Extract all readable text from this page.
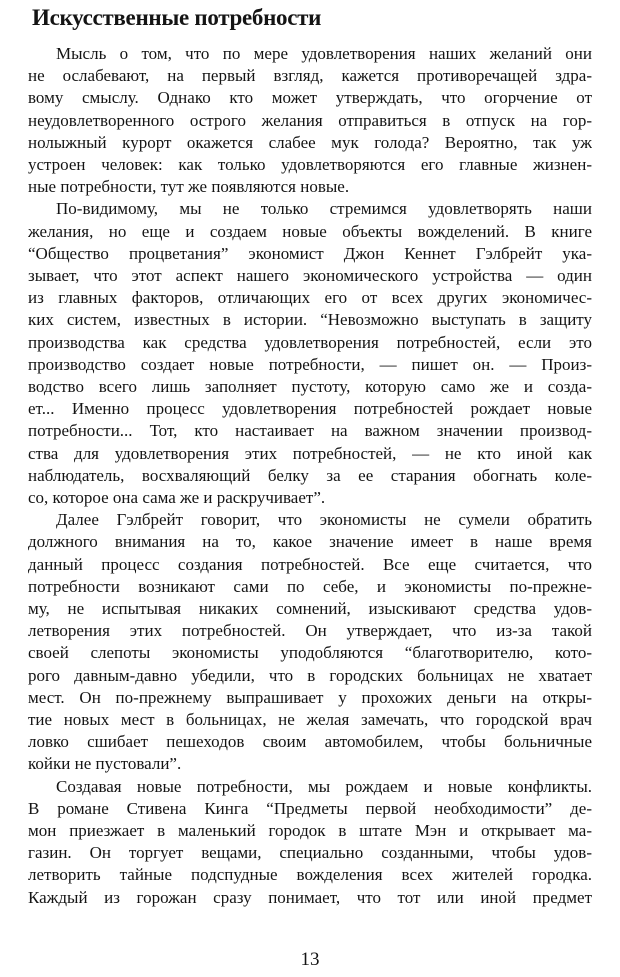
Искусственные потребности
Мысль о том, что по мере удовлетворения наших желаний они
не ослабевают, на первый взгляд, кажется противоречащей здра-
вому смыслу. Однако кто может утверждать, что огорчение от
неудовлетворенного острого желания отправиться в отпуск на гор-
нолыжный курорт окажется слабее мук голода? Вероятно, так уж
устроен человек: как только удовлетворяются его главные жизнен-
ные потребности, тут же появляются новые.
По-видимому, мы не только стремимся удовлетворять наши
желания, но еще и создаем новые объекты вожделений. В книге
“Общество процветания” экономист Джон Кеннет Гэлбрейт ука-
зывает, что этот аспект нашего экономического устройства — один
из главных факторов, отличающих его от всех других экономичес-
ких систем, известных в истории. “Невозможно выступать в защиту
производства как средства удовлетворения потребностей, если это
производство создает новые потребности, — пишет он. — Произ-
водство всего лишь заполняет пустоту, которую само же и созда-
ет... Именно процесс удовлетворения потребностей рождает новые
потребности... Тот, кто настаивает на важном значении производ-
ства для удовлетворения этих потребностей, — не кто иной как
наблюдатель, восхваляющий белку за ее старания обогнать коле-
со, которое она сама же и раскручивает”.
Далее Гэлбрейт говорит, что экономисты не сумели обратить
должного внимания на то, какое значение имеет в наше время
данный процесс создания потребностей. Все еще считается, что
потребности возникают сами по себе, и экономисты по-прежне-
му, не испытывая никаких сомнений, изыскивают средства удов-
летворения этих потребностей. Он утверждает, что из-за такой
своей слепоты экономисты уподобляются “благотворителю, кото-
рого давным-давно убедили, что в городских больницах не хватает
мест. Он по-прежнему выпрашивает у прохожих деньги на откры-
тие новых мест в больницах, не желая замечать, что городской врач
ловко сшибает пешеходов своим автомобилем, чтобы больничные
койки не пустовали”.
Создавая новые потребности, мы рождаем и новые конфликты.
В романе Стивена Кинга “Предметы первой необходимости” де-
мон приезжает в маленький городок в штате Мэн и открывает ма-
газин. Он торгует вещами, специально созданными, чтобы удов-
летворить тайные подспудные вожделения всех жителей городка.
Каждый из горожан сразу понимает, что тот или иной предмет
13
